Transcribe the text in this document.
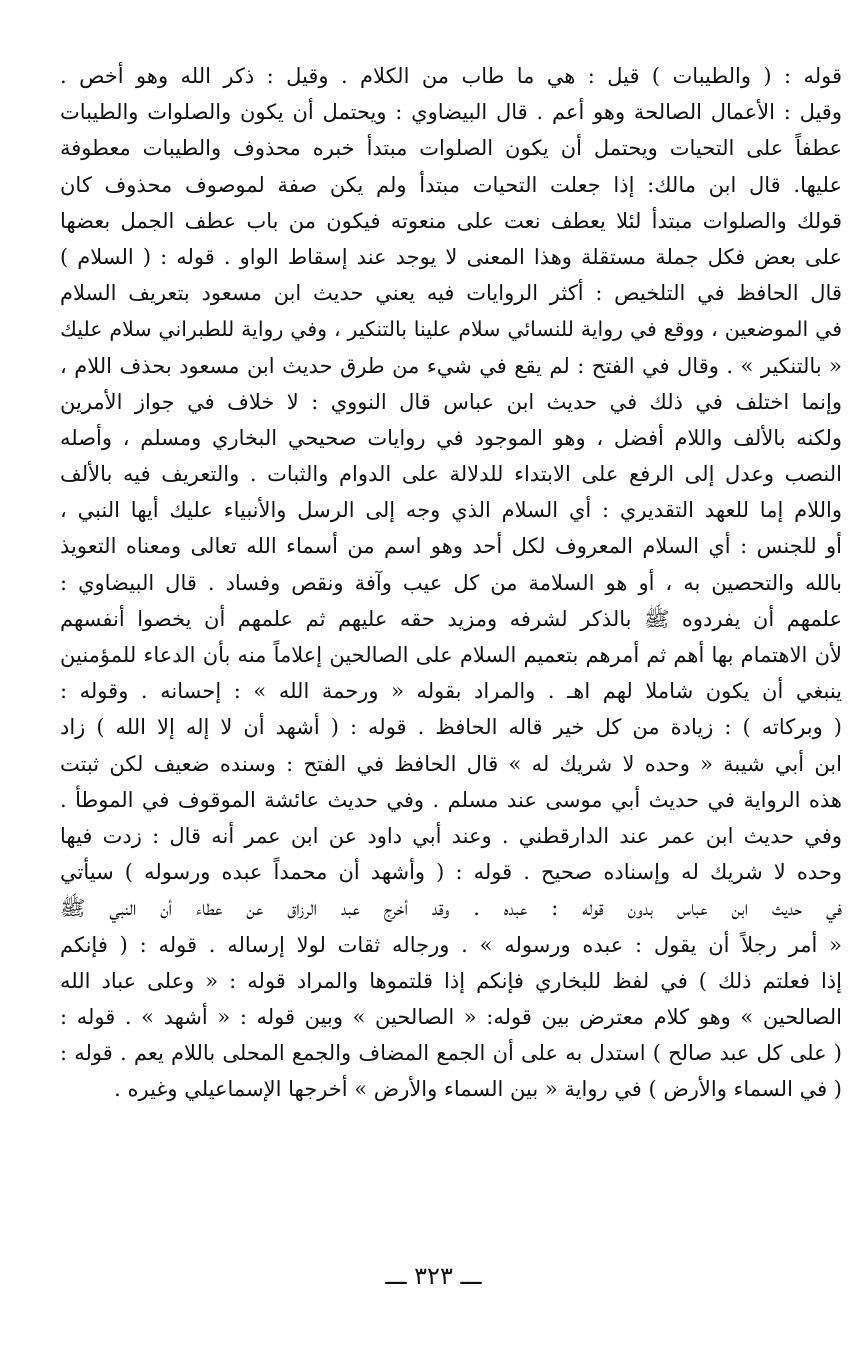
قوله : ( والطيبات ) قيل : هي ما طاب من الكلام . وقيل : ذكر الله وهو أخص .
وقيل : الأعمال الصالحة وهو أعم . قال البيضاوي : ويحتمل أن يكون والصلوات والطيبات
عطفاً على التحيات ويحتمل أن يكون الصلوات مبتدأ خبره محذوف والطيبات معطوفة
عليها. قال ابن مالك: إذا جعلت التحيات مبتدأ ولم يكن صفة لموصوف محذوف كان
قولك والصلوات مبتدأ لئلا يعطف نعت على منعوته فيكون من باب عطف الجمل بعضها
على بعض فكل جملة مستقلة وهذا المعنى لا يوجد عند إسقاط الواو . قوله : ( السلام )
قال الحافظ في التلخيص : أكثر الروايات فيه يعني حديث ابن مسعود بتعريف السلام
في الموضعين ، ووقع في رواية للنسائي سلام علينا بالتنكير ، وفي رواية للطبراني سلام عليك
« بالتنكير » . وقال في الفتح : لم يقع في شيء من طرق حديث ابن مسعود بحذف اللام ،
وإنما اختلف في ذلك في حديث ابن عباس قال النووي : لا خلاف في جواز الأمرين
ولكنه بالألف واللام أفضل ، وهو الموجود في روايات صحيحي البخاري ومسلم ، وأصله
النصب وعدل إلى الرفع على الابتداء للدلالة على الدوام والثبات . والتعريف فيه بالألف
واللام إما للعهد التقديري : أي السلام الذي وجه إلى الرسل والأنبياء عليك أيها النبي ،
أو للجنس : أي السلام المعروف لكل أحد وهو اسم من أسماء الله تعالى ومعناه التعويذ
بالله والتحصين به ، أو هو السلامة من كل عيب وآفة ونقص وفساد . قال البيضاوي :
علمهم أن يفردوه ﷺ بالذكر لشرفه ومزيد حقه عليهم ثم علمهم أن يخصوا أنفسهم
لأن الاهتمام بها أهم ثم أمرهم بتعميم السلام على الصالحين إعلاماً منه بأن الدعاء للمؤمنين
ينبغي أن يكون شاملا لهم اهـ . والمراد بقوله « ورحمة الله » : إحسانه . وقوله :
( وبركاته ) : زيادة من كل خير قاله الحافظ . قوله : ( أشهد أن لا إله إلا الله ) زاد
ابن أبي شيبة « وحده لا شريك له » قال الحافظ في الفتح : وسنده ضعيف لكن ثبتت
هذه الرواية في حديث أبي موسى عند مسلم . وفي حديث عائشة الموقوف في الموطأ .
وفي حديث ابن عمر عند الدارقطني . وعند أبي داود عن ابن عمر أنه قال : زدت فيها
وحده لا شريك له وإسناده صحيح . قوله : ( وأشهد أن محمداً عبده ورسوله ) سيأتي
في حديث ابن عباس بدون قوله : عبده . وقد أخرج عبد الرزاق عن عطاء أن النبي ﷺ
« أمر رجلاً أن يقول : عبده ورسوله » . ورجاله ثقات لولا إرساله . قوله : ( فإنكم
إذا فعلتم ذلك ) في لفظ للبخاري فإنكم إذا قلتموها والمراد قوله : « وعلى عباد الله
الصالحين » وهو كلام معترض بين قوله: « الصالحين » وبين قوله : « أشهد » . قوله :
( على كل عبد صالح ) استدل به على أن الجمع المضاف والجمع المحلى باللام يعم . قوله :
( في السماء والأرض ) في رواية « بين السماء والأرض » أخرجها الإسماعيلي وغيره .
ـــ ٣٢٣ ـــ
